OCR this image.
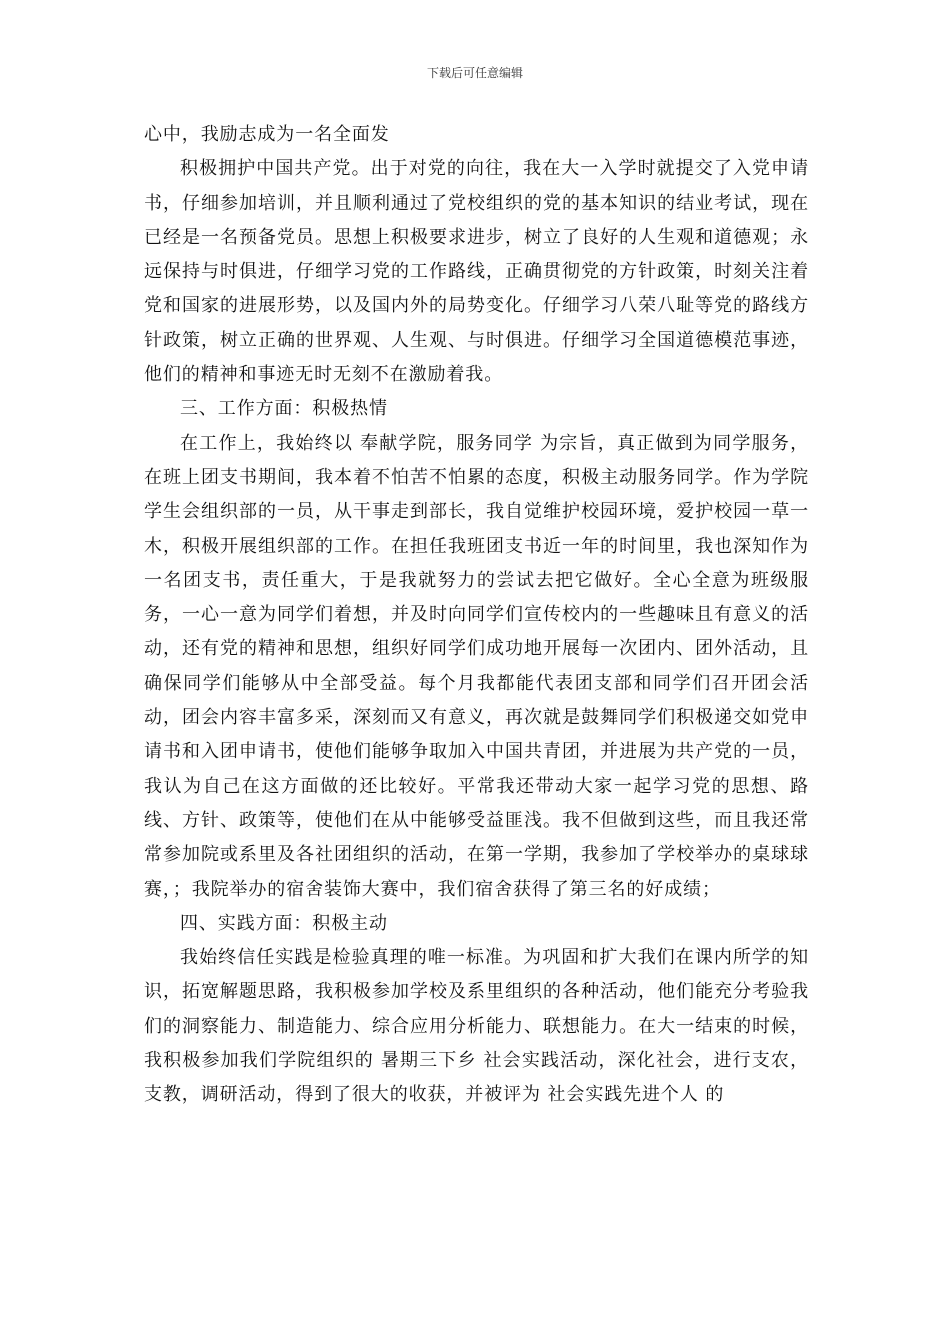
下载后可任意编辑

心中，我励志成为一名全面发

积极拥护中国共产党。出于对党的向往，我在大一入学时就提交了入党申请书，仔细参加培训，并且顺利通过了党校组织的党的基本知识的结业考试，现在已经是一名预备党员。思想上积极要求进步，树立了良好的人生观和道德观；永远保持与时俱进，仔细学习党的工作路线，正确贯彻党的方针政策，时刻关注着党和国家的进展形势，以及国内外的局势变化。仔细学习八荣八耻等党的路线方针政策，树立正确的世界观、人生观、与时俱进。仔细学习全国道德模范事迹，他们的精神和事迹无时无刻不在激励着我。

三、工作方面：积极热情

在工作上，我始终以 奉献学院，服务同学 为宗旨，真正做到为同学服务，在班上团支书期间，我本着不怕苦不怕累的态度，积极主动服务同学。作为学院学生会组织部的一员，从干事走到部长，我自觉维护校园环境，爱护校园一草一木，积极开展组织部的工作。在担任我班团支书近一年的时间里，我也深知作为一名团支书，责任重大，于是我就努力的尝试去把它做好。全心全意为班级服务，一心一意为同学们着想，并及时向同学们宣传校内的一些趣味且有意义的活动，还有党的精神和思想，组织好同学们成功地开展每一次团内、团外活动，且确保同学们能够从中全部受益。每个月我都能代表团支部和同学们召开团会活动，团会内容丰富多采，深刻而又有意义，再次就是鼓舞同学们积极递交如党申请书和入团申请书，使他们能够争取加入中国共青团，并进展为共产党的一员，我认为自己在这方面做的还比较好。平常我还带动大家一起学习党的思想、路线、方针、政策等，使他们在从中能够受益匪浅。我不但做到这些，而且我还常常参加院或系里及各社团组织的活动，在第一学期，我参加了学校举办的桌球球赛，；我院举办的宿舍装饰大赛中，我们宿舍获得了第三名的好成绩；

四、实践方面：积极主动

我始终信任实践是检验真理的唯一标准。为巩固和扩大我们在课内所学的知识，拓宽解题思路，我积极参加学校及系里组织的各种活动，他们能充分考验我们的洞察能力、制造能力、综合应用分析能力、联想能力。在大一结束的时候，我积极参加我们学院组织的 暑期三下乡 社会实践活动，深化社会，进行支农，支教，调研活动，得到了很大的收获，并被评为 社会实践先进个人 的
